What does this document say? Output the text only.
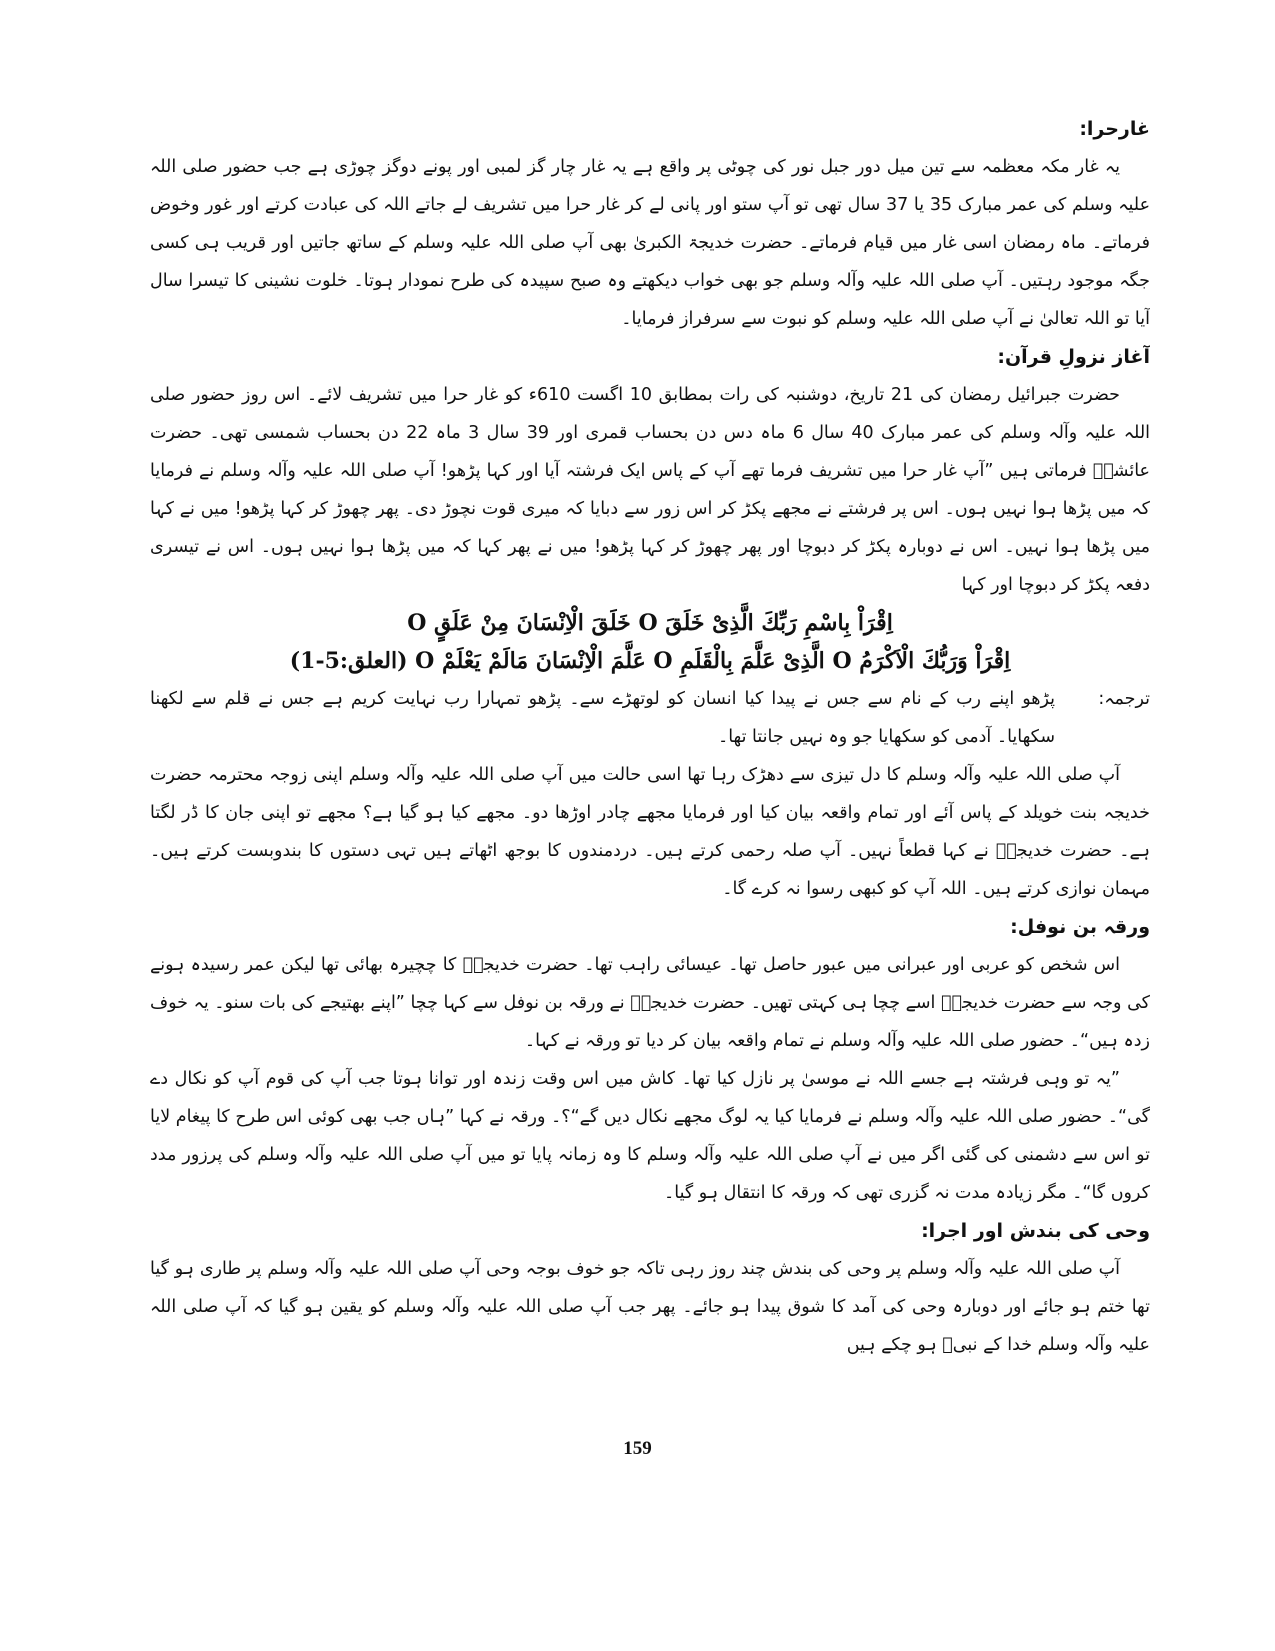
غارحرا:

یہ غار مکہ معظمہ سے تین میل دور جبل نور کی چوٹی پر واقع ہے یہ غار چار گز لمبی اور پونے دوگز چوڑی ہے جب حضور صلی اللہ علیہ وسلم کی عمر مبارک 35 یا 37 سال تھی تو آپ ستو اور پانی لے کر غار حرا میں تشریف لے جاتے اللہ کی عبادت کرتے اور غور وخوض فرماتے۔ ماہ رمضان اسی غار میں قیام فرماتے۔ حضرت خدیجۃ الکبریٰ بھی آپ صلی اللہ علیہ وسلم کے ساتھ جاتیں اور قریب ہی کسی جگہ موجود رہتیں۔ آپ صلی اللہ علیہ وآلہ وسلم جو بھی خواب دیکھتے وہ صبح سپیدہ کی طرح نمودار ہوتا۔ خلوت نشینی کا تیسرا سال آیا تو اللہ تعالیٰ نے آپ صلی اللہ علیہ وسلم کو نبوت سے سرفراز فرمایا۔

آغاز نزولِ قرآن:

حضرت جبرائیل رمضان کی 21 تاریخ، دوشنبہ کی رات بمطابق 10 اگست 610ء کو غار حرا میں تشریف لائے۔ اس روز حضور صلی اللہ علیہ وآلہ وسلم کی عمر مبارک 40 سال 6 ماہ دس دن بحساب قمری اور 39 سال 3 ماہ 22 دن بحساب شمسی تھی۔ حضرت عائشہؓ فرماتی ہیں ”آپ غار حرا میں تشریف فرما تھے آپ کے پاس ایک فرشتہ آیا اور کہا پڑھو! آپ صلی اللہ علیہ وآلہ وسلم نے فرمایا کہ میں پڑھا ہوا نہیں ہوں۔ اس پر فرشتے نے مجھے پکڑ کر اس زور سے دبایا کہ میری قوت نچوڑ دی۔ پھر چھوڑ کر کہا پڑھو! میں نے کہا میں پڑھا ہوا نہیں۔ اس نے دوبارہ پکڑ کر دبوچا اور پھر چھوڑ کر کہا پڑھو! میں نے پھر کہا کہ میں پڑھا ہوا نہیں ہوں۔ اس نے تیسری دفعہ پکڑ کر دبوچا اور کہا

اِقْرَاْ بِاسْمِ رَبِّكَ الَّذِیْ خَلَقَ O خَلَقَ الْاِنْسَانَ مِنْ عَلَقٍ O

اِقْرَاْ وَرَبُّكَ الْاَكْرَمُ O الَّذِیْ عَلَّمَ بِالْقَلَمِ O عَلَّمَ الْاِنْسَانَ مَالَمْ یَعْلَمْ O (العلق:5-1)

ترجمہ:
پڑھو اپنے رب کے نام سے جس نے پیدا کیا انسان کو لوتھڑے سے۔ پڑھو تمہارا رب نہایت کریم ہے جس نے قلم سے لکھنا سکھایا۔ آدمی کو سکھایا جو وہ نہیں جانتا تھا۔

آپ صلی اللہ علیہ وآلہ وسلم کا دل تیزی سے دھڑک رہا تھا اسی حالت میں آپ صلی اللہ علیہ وآلہ وسلم اپنی زوجہ محترمہ حضرت خدیجہ بنت خویلد کے پاس آئے اور تمام واقعہ بیان کیا اور فرمایا مجھے چادر اوڑھا دو۔ مجھے کیا ہو گیا ہے؟ مجھے تو اپنی جان کا ڈر لگتا ہے۔ حضرت خدیجہؓ نے کہا قطعاً نہیں۔ آپ صلہ رحمی کرتے ہیں۔ دردمندوں کا بوجھ اٹھاتے ہیں تہی دستوں کا بندوبست کرتے ہیں۔ مہمان نوازی کرتے ہیں۔ اللہ آپ کو کبھی رسوا نہ کرے گا۔

ورقہ بن نوفل:

اس شخص کو عربی اور عبرانی میں عبور حاصل تھا۔ عیسائی راہب تھا۔ حضرت خدیجہؓ کا چچیرہ بھائی تھا لیکن عمر رسیدہ ہونے کی وجہ سے حضرت خدیجہؓ اسے چچا ہی کہتی تھیں۔ حضرت خدیجہؓ نے ورقہ بن نوفل سے کہا چچا ”اپنے بھتیجے کی بات سنو۔ یہ خوف زدہ ہیں“۔ حضور صلی اللہ علیہ وآلہ وسلم نے تمام واقعہ بیان کر دیا تو ورقہ نے کہا۔

”یہ تو وہی فرشتہ ہے جسے اللہ نے موسیٰ پر نازل کیا تھا۔ کاش میں اس وقت زندہ اور توانا ہوتا جب آپ کی قوم آپ کو نکال دے گی“۔ حضور صلی اللہ علیہ وآلہ وسلم نے فرمایا کیا یہ لوگ مجھے نکال دیں گے“؟۔ ورقہ نے کہا ”ہاں جب بھی کوئی اس طرح کا پیغام لایا تو اس سے دشمنی کی گئی اگر میں نے آپ صلی اللہ علیہ وآلہ وسلم کا وہ زمانہ پایا تو میں آپ صلی اللہ علیہ وآلہ وسلم کی پرزور مدد کروں گا“۔ مگر زیادہ مدت نہ گزری تھی کہ ورقہ کا انتقال ہو گیا۔

وحی کی بندش اور اجرا:

آپ صلی اللہ علیہ وآلہ وسلم پر وحی کی بندش چند روز رہی تاکہ جو خوف بوجہ وحی آپ صلی اللہ علیہ وآلہ وسلم پر طاری ہو گیا تھا ختم ہو جائے اور دوبارہ وحی کی آمد کا شوق پیدا ہو جائے۔ پھر جب آپ صلی اللہ علیہ وآلہ وسلم کو یقین ہو گیا کہ آپ صلی اللہ علیہ وآلہ وسلم خدا کے نبیؐ ہو چکے ہیں

159
